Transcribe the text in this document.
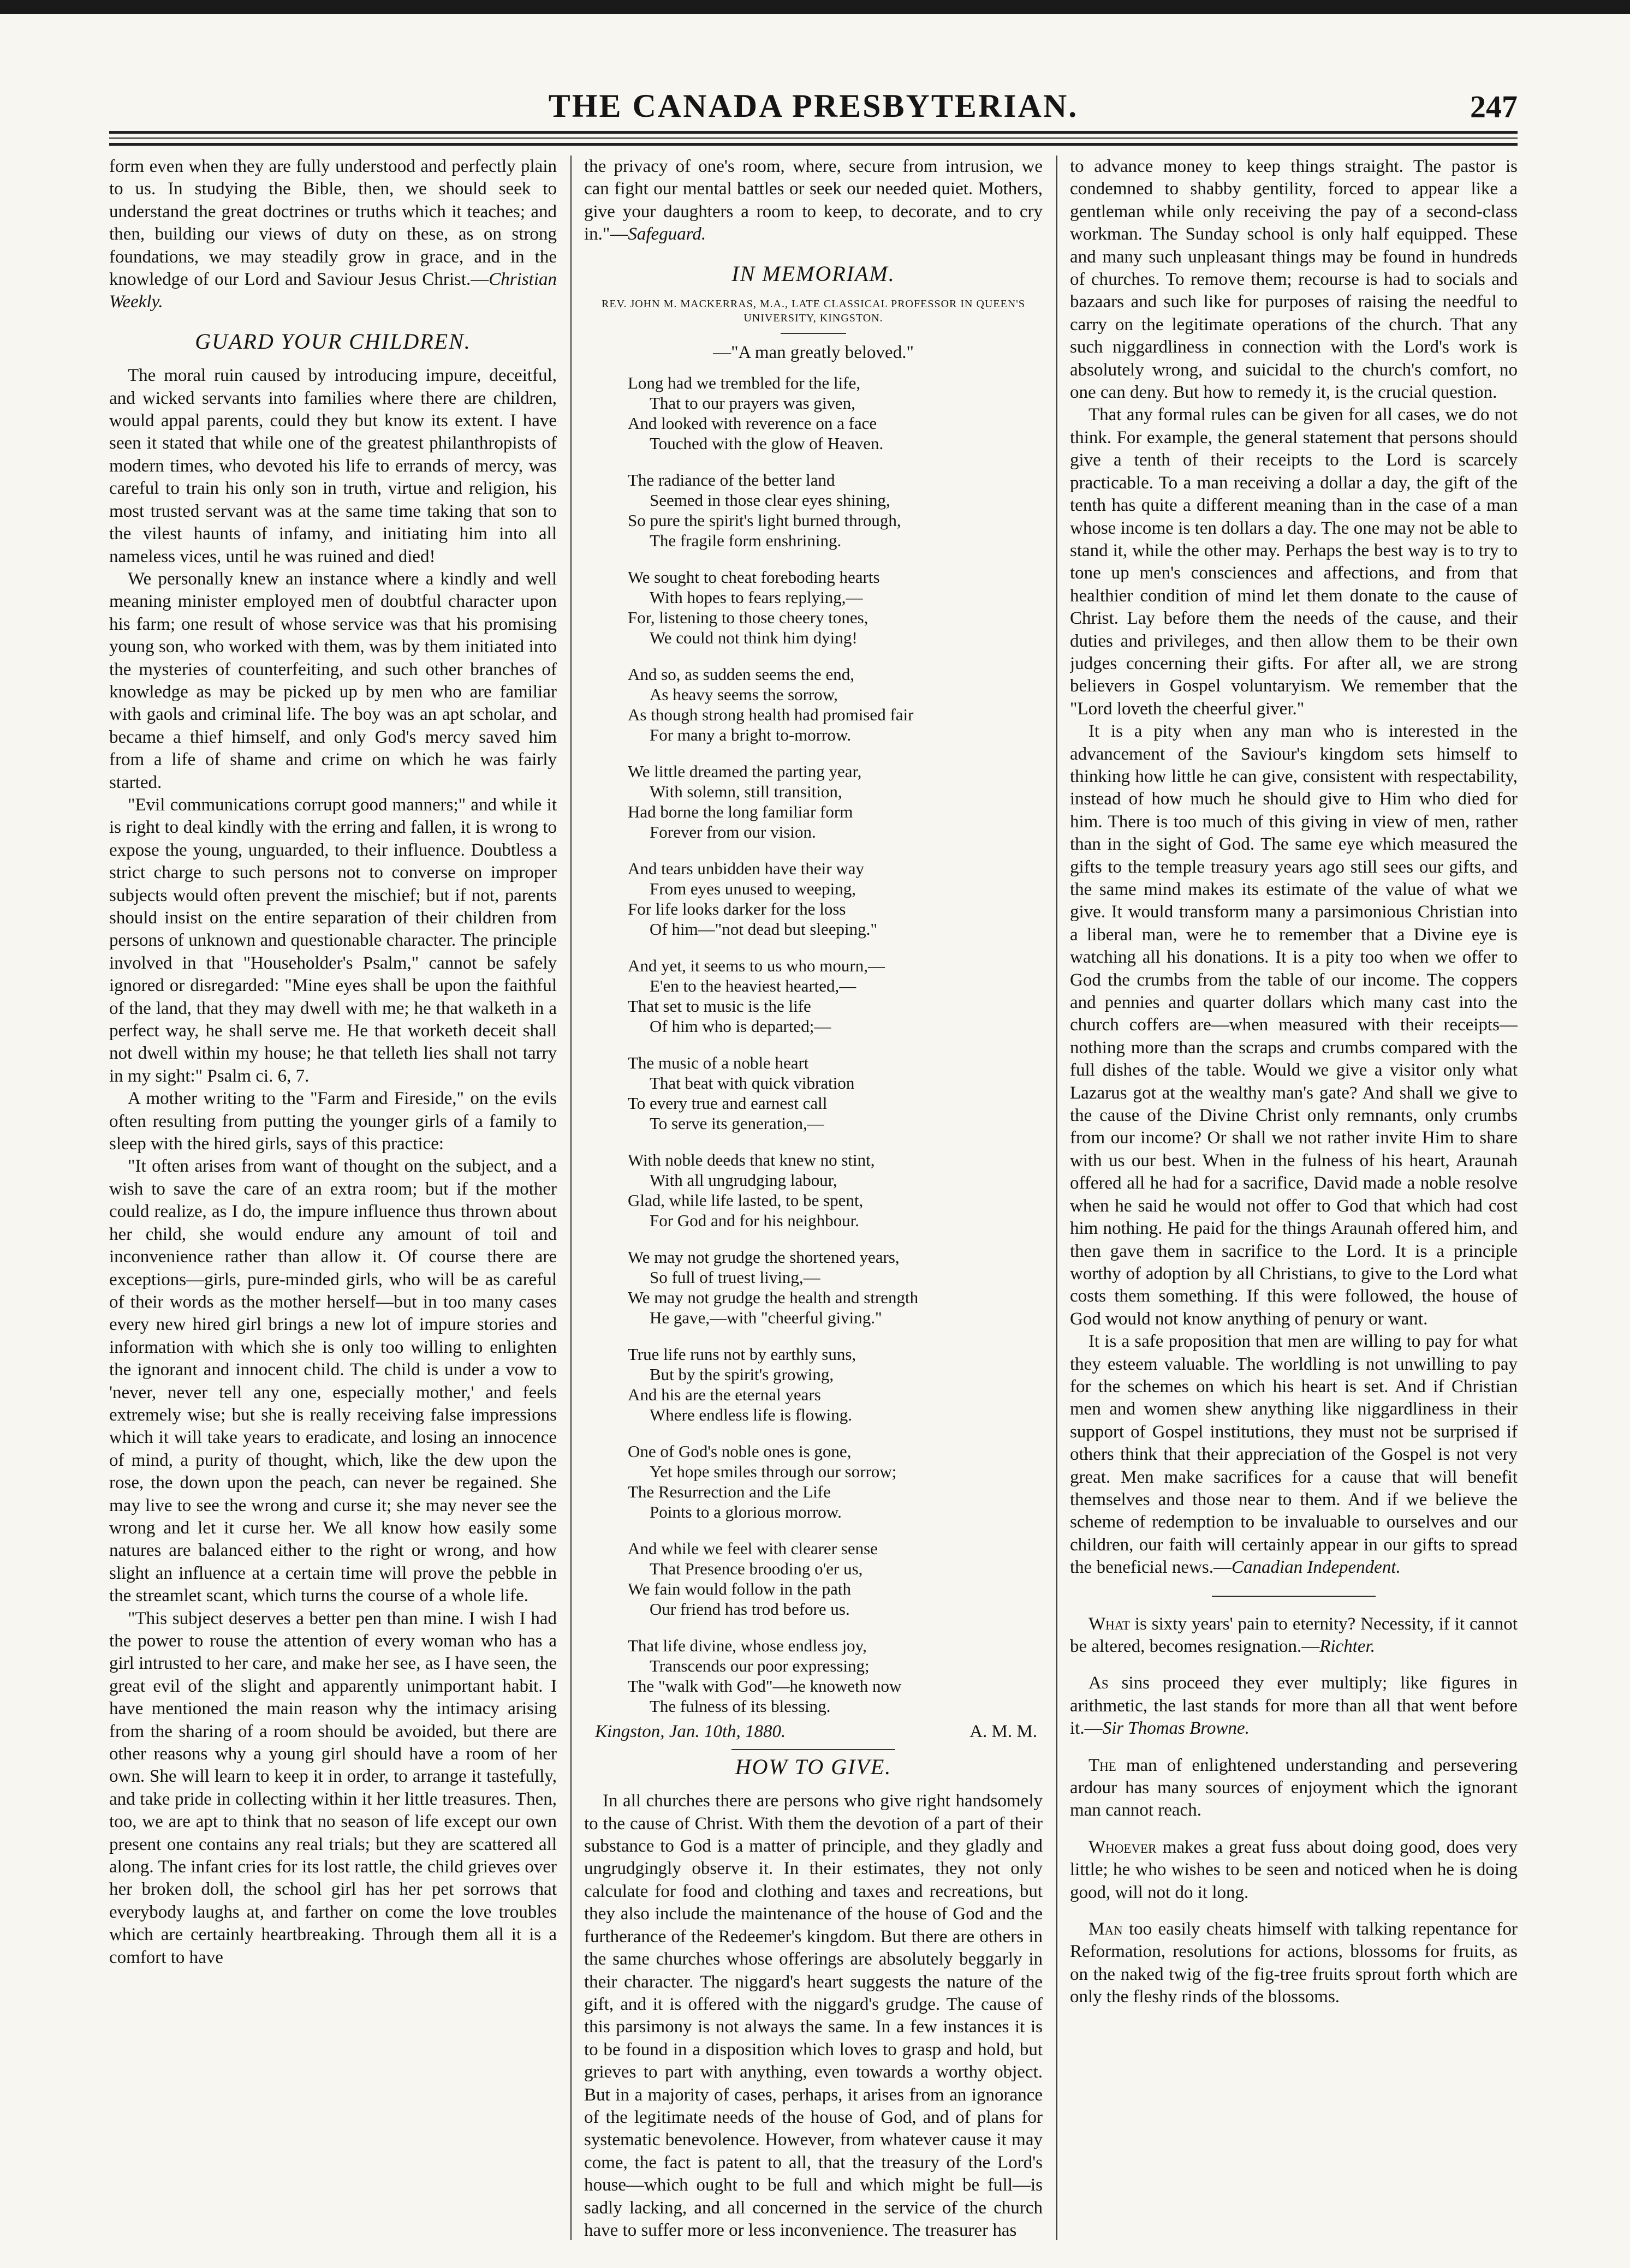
THE CANADA PRESBYTERIAN.	247

form even when they are fully understood and perfectly plain to us. In studying the Bible, then, we should seek to understand the great doctrines or truths which it teaches; and then, building our views of duty on these, as on strong foundations, we may steadily grow in grace, and in the knowledge of our Lord and Saviour Jesus Christ.—Christian Weekly.

GUARD YOUR CHILDREN.

The moral ruin caused by introducing impure, deceitful, and wicked servants into families where there are children, would appal parents, could they but know its extent. I have seen it stated that while one of the greatest philanthropists of modern times, who devoted his life to errands of mercy, was careful to train his only son in truth, virtue and religion, his most trusted servant was at the same time taking that son to the vilest haunts of infamy, and initiating him into all nameless vices, until he was ruined and died!

We personally knew an instance where a kindly and well meaning minister employed men of doubtful character upon his farm; one result of whose service was that his promising young son, who worked with them, was by them initiated into the mysteries of counterfeiting, and such other branches of knowledge as may be picked up by men who are familiar with gaols and criminal life. The boy was an apt scholar, and became a thief himself, and only God's mercy saved him from a life of shame and crime on which he was fairly started.

"Evil communications corrupt good manners;" and while it is right to deal kindly with the erring and fallen, it is wrong to expose the young, unguarded, to their influence. Doubtless a strict charge to such persons not to converse on improper subjects would often prevent the mischief; but if not, parents should insist on the entire separation of their children from persons of unknown and questionable character. The principle involved in that "Householder's Psalm," cannot be safely ignored or disregarded: "Mine eyes shall be upon the faithful of the land, that they may dwell with me; he that walketh in a perfect way, he shall serve me. He that worketh deceit shall not dwell within my house; he that telleth lies shall not tarry in my sight:" Psalm ci. 6, 7.

A mother writing to the "Farm and Fireside," on the evils often resulting from putting the younger girls of a family to sleep with the hired girls, says of this practice:

"It often arises from want of thought on the subject, and a wish to save the care of an extra room; but if the mother could realize, as I do, the impure influence thus thrown about her child, she would endure any amount of toil and inconvenience rather than allow it. Of course there are exceptions—girls, pure-minded girls, who will be as careful of their words as the mother herself—but in too many cases every new hired girl brings a new lot of impure stories and information with which she is only too willing to enlighten the ignorant and innocent child. The child is under a vow to 'never, never tell any one, especially mother,' and feels extremely wise; but she is really receiving false impressions which it will take years to eradicate, and losing an innocence of mind, a purity of thought, which, like the dew upon the rose, the down upon the peach, can never be regained. She may live to see the wrong and curse it; she may never see the wrong and let it curse her. We all know how easily some natures are balanced either to the right or wrong, and how slight an influence at a certain time will prove the pebble in the streamlet scant, which turns the course of a whole life.

"This subject deserves a better pen than mine. I wish I had the power to rouse the attention of every woman who has a girl intrusted to her care, and make her see, as I have seen, the great evil of the slight and apparently unimportant habit. I have mentioned the main reason why the intimacy arising from the sharing of a room should be avoided, but there are other reasons why a young girl should have a room of her own. She will learn to keep it in order, to arrange it tastefully, and take pride in collecting within it her little treasures. Then, too, we are apt to think that no season of life except our own present one contains any real trials; but they are scattered all along. The infant cries for its lost rattle, the child grieves over her broken doll, the school girl has her pet sorrows that everybody laughs at, and farther on come the love troubles which are certainly heartbreaking. Through them all it is a comfort to have

the privacy of one's room, where, secure from intrusion, we can fight our mental battles or seek our needed quiet. Mothers, give your daughters a room to keep, to decorate, and to cry in."—Safeguard.

IN MEMORIAM.
REV. JOHN M. MACKERRAS, M.A., LATE CLASSICAL PROFESSOR IN QUEEN'S UNIVERSITY, KINGSTON.
—"A man greatly beloved."
Long had we trembled for the life,
That to our prayers was given,
And looked with reverence on a face
Touched with the glow of Heaven.
The radiance of the better land
Seemed in those clear eyes shining,
So pure the spirit's light burned through,
The fragile form enshrining.
We sought to cheat foreboding hearts
With hopes to fears replying,—
For, listening to those cheery tones,
We could not think him dying!
And so, as sudden seems the end,
As heavy seems the sorrow,
As though strong health had promised fair
For many a bright to-morrow.
We little dreamed the parting year,
With solemn, still transition,
Had borne the long familiar form
Forever from our vision.
And tears unbidden have their way
From eyes unused to weeping,
For life looks darker for the loss
Of him—"not dead but sleeping."
And yet, it seems to us who mourn,—
E'en to the heaviest hearted,—
That set to music is the life
Of him who is departed;—
The music of a noble heart
That beat with quick vibration
To every true and earnest call
To serve its generation,—
With noble deeds that knew no stint,
With all ungrudging labour,
Glad, while life lasted, to be spent,
For God and for his neighbour.
We may not grudge the shortened years,
So full of truest living,—
We may not grudge the health and strength
He gave,—with "cheerful giving."
True life runs not by earthly suns,
But by the spirit's growing,
And his are the eternal years
Where endless life is flowing.
One of God's noble ones is gone,
Yet hope smiles through our sorrow;
The Resurrection and the Life
Points to a glorious morrow.
And while we feel with clearer sense
That Presence brooding o'er us,
We fain would follow in the path
Our friend has trod before us.
That life divine, whose endless joy,
Transcends our poor expressing;
The "walk with God"—he knoweth now
The fulness of its blessing.
Kingston, Jan. 10th, 1880.	A. M. M.
HOW TO GIVE.

In all churches there are persons who give right handsomely to the cause of Christ. With them the devotion of a part of their substance to God is a matter of principle, and they gladly and ungrudgingly observe it. In their estimates, they not only calculate for food and clothing and taxes and recreations, but they also include the maintenance of the house of God and the furtherance of the Redeemer's kingdom. But there are others in the same churches whose offerings are absolutely beggarly in their character. The niggard's heart suggests the nature of the gift, and it is offered with the niggard's grudge. The cause of this parsimony is not always the same. In a few instances it is to be found in a disposition which loves to grasp and hold, but grieves to part with anything, even towards a worthy object. But in a majority of cases, perhaps, it arises from an ignorance of the legitimate needs of the house of God, and of plans for systematic benevolence. However, from whatever cause it may come, the fact is patent to all, that the treasury of the Lord's house—which ought to be full and which might be full—is sadly lacking, and all concerned in the service of the church have to suffer more or less inconvenience. The treasurer has

to advance money to keep things straight. The pastor is condemned to shabby gentility, forced to appear like a gentleman while only receiving the pay of a second-class workman. The Sunday school is only half equipped. These and many such unpleasant things may be found in hundreds of churches. To remove them; recourse is had to socials and bazaars and such like for purposes of raising the needful to carry on the legitimate operations of the church. That any such niggardliness in connection with the Lord's work is absolutely wrong, and suicidal to the church's comfort, no one can deny. But how to remedy it, is the crucial question.

That any formal rules can be given for all cases, we do not think. For example, the general statement that persons should give a tenth of their receipts to the Lord is scarcely practicable. To a man receiving a dollar a day, the gift of the tenth has quite a different meaning than in the case of a man whose income is ten dollars a day. The one may not be able to stand it, while the other may. Perhaps the best way is to try to tone up men's consciences and affections, and from that healthier condition of mind let them donate to the cause of Christ. Lay before them the needs of the cause, and their duties and privileges, and then allow them to be their own judges concerning their gifts. For after all, we are strong believers in Gospel voluntaryism. We remember that the "Lord loveth the cheerful giver."

It is a pity when any man who is interested in the advancement of the Saviour's kingdom sets himself to thinking how little he can give, consistent with respectability, instead of how much he should give to Him who died for him. There is too much of this giving in view of men, rather than in the sight of God. The same eye which measured the gifts to the temple treasury years ago still sees our gifts, and the same mind makes its estimate of the value of what we give. It would transform many a parsimonious Christian into a liberal man, were he to remember that a Divine eye is watching all his donations. It is a pity too when we offer to God the crumbs from the table of our income. The coppers and pennies and quarter dollars which many cast into the church coffers are—when measured with their receipts—nothing more than the scraps and crumbs compared with the full dishes of the table. Would we give a visitor only what Lazarus got at the wealthy man's gate? And shall we give to the cause of the Divine Christ only remnants, only crumbs from our income? Or shall we not rather invite Him to share with us our best. When in the fulness of his heart, Araunah offered all he had for a sacrifice, David made a noble resolve when he said he would not offer to God that which had cost him nothing. He paid for the things Araunah offered him, and then gave them in sacrifice to the Lord. It is a principle worthy of adoption by all Christians, to give to the Lord what costs them something. If this were followed, the house of God would not know anything of penury or want.

It is a safe proposition that men are willing to pay for what they esteem valuable. The worldling is not unwilling to pay for the schemes on which his heart is set. And if Christian men and women shew anything like niggardliness in their support of Gospel institutions, they must not be surprised if others think that their appreciation of the Gospel is not very great. Men make sacrifices for a cause that will benefit themselves and those near to them. And if we believe the scheme of redemption to be invaluable to ourselves and our children, our faith will certainly appear in our gifts to spread the beneficial news.—Canadian Independent.

What is sixty years' pain to eternity? Necessity, if it cannot be altered, becomes resignation.—Richter.

As sins proceed they ever multiply; like figures in arithmetic, the last stands for more than all that went before it.—Sir Thomas Browne.

The man of enlightened understanding and persevering ardour has many sources of enjoyment which the ignorant man cannot reach.

Whoever makes a great fuss about doing good, does very little; he who wishes to be seen and noticed when he is doing good, will not do it long.

Man too easily cheats himself with talking repentance for Reformation, resolutions for actions, blossoms for fruits, as on the naked twig of the fig-tree fruits sprout forth which are only the fleshy rinds of the blossoms.
